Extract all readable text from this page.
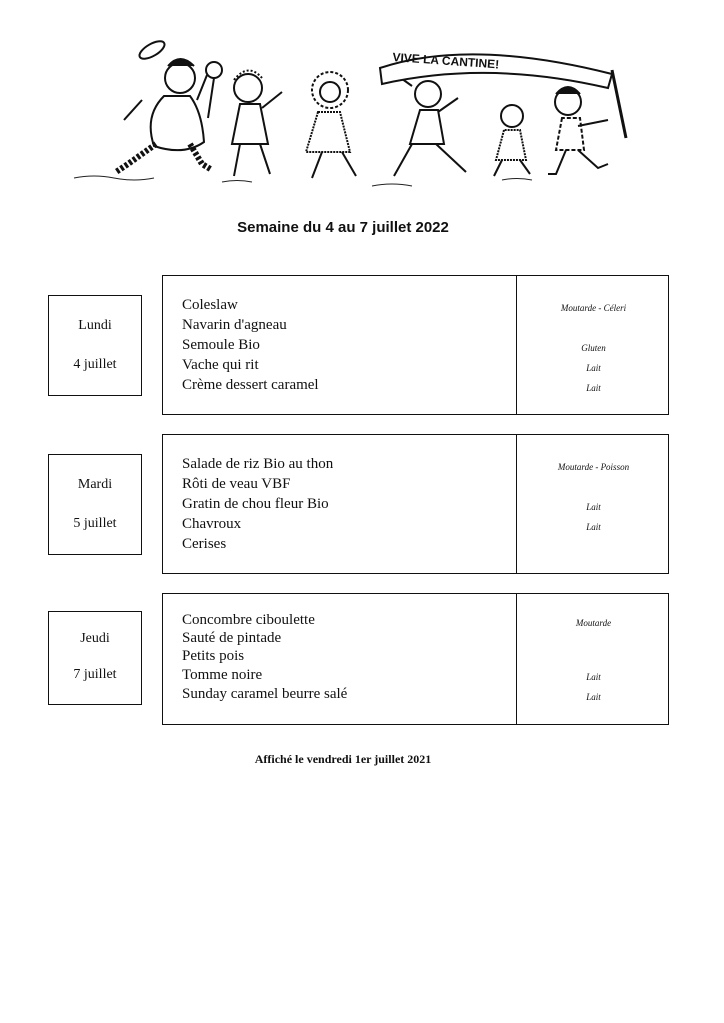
VIVE LA CANTINE!
Semaine du 4 au 7 juillet 2022
Lundi
4 juillet
Coleslaw
Navarin d'agneau
Semoule Bio
Vache qui rit
Crème dessert caramel
Moutarde - Céleri
Gluten
Lait
Lait
Mardi
5 juillet
Salade de riz Bio au thon
Rôti de veau VBF
Gratin de chou fleur Bio
Chavroux
Cerises
Moutarde - Poisson
Lait
Lait
Jeudi
7 juillet
Concombre ciboulette
Sauté de pintade
Petits pois
Tomme noire
Sunday caramel beurre salé
Moutarde
Lait
Lait
Affiché le vendredi 1er juillet 2021
